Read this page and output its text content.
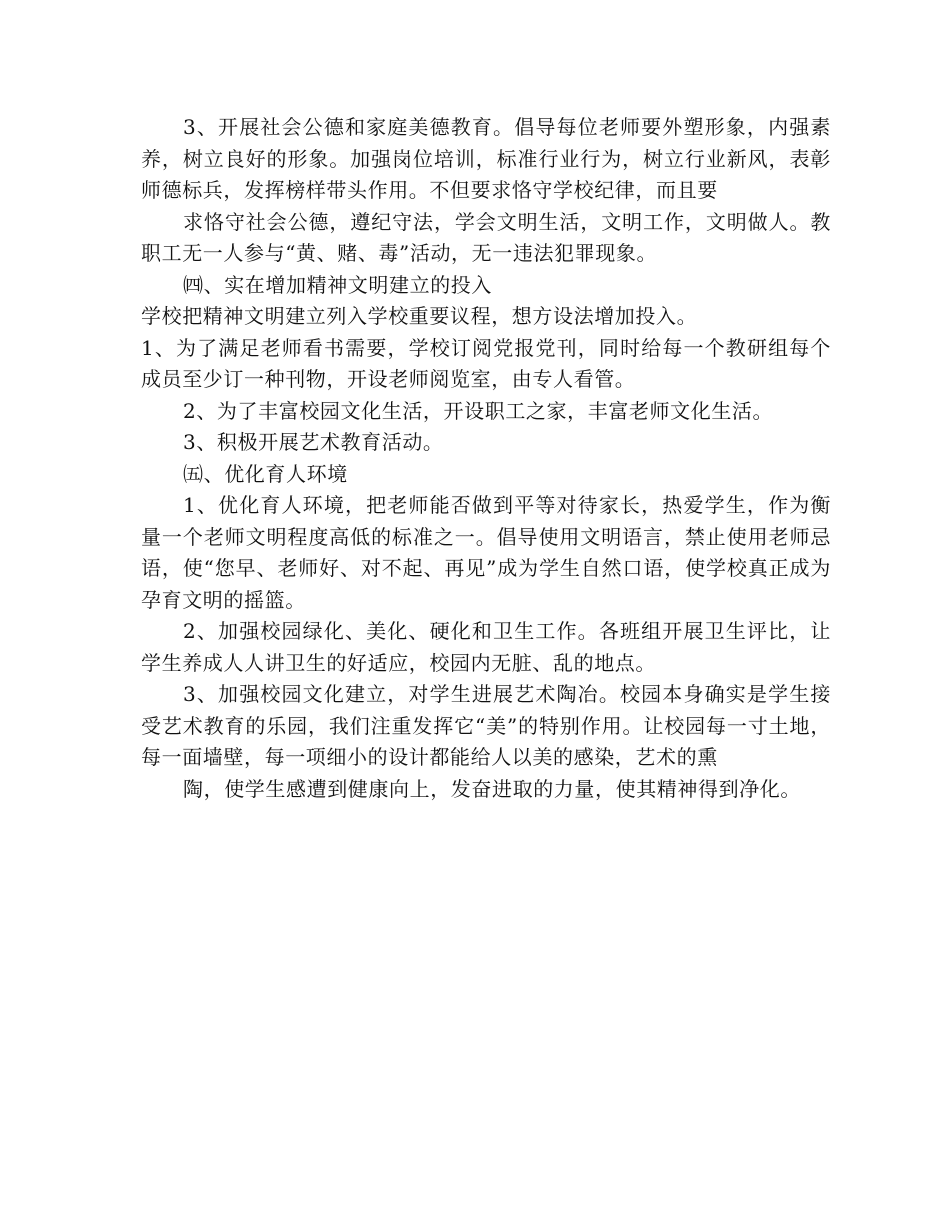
3、开展社会公德和家庭美德教育。倡导每位老师要外塑形象，内强素养，树立良好的形象。加强岗位培训，标准行业行为，树立行业新风，表彰师德标兵，发挥榜样带头作用。不但要求恪守学校纪律，而且要

求恪守社会公德，遵纪守法，学会文明生活，文明工作，文明做人。教职工无一人参与“黄、赌、毒”活动，无一违法犯罪现象。

㈣、实在增加精神文明建立的投入

学校把精神文明建立列入学校重要议程，想方设法增加投入。

1、为了满足老师看书需要，学校订阅党报党刊，同时给每一个教研组每个成员至少订一种刊物，开设老师阅览室，由专人看管。

2、为了丰富校园文化生活，开设职工之家，丰富老师文化生活。

3、积极开展艺术教育活动。

㈤、优化育人环境

1、优化育人环境，把老师能否做到平等对待家长，热爱学生，作为衡量一个老师文明程度高低的标准之一。倡导使用文明语言，禁止使用老师忌语，使“您早、老师好、对不起、再见”成为学生自然口语，使学校真正成为孕育文明的摇篮。

2、加强校园绿化、美化、硬化和卫生工作。各班组开展卫生评比，让学生养成人人讲卫生的好适应，校园内无脏、乱的地点。

3、加强校园文化建立，对学生进展艺术陶冶。校园本身确实是学生接受艺术教育的乐园，我们注重发挥它“美”的特别作用。让校园每一寸土地，每一面墙壁，每一项细小的设计都能给人以美的感染，艺术的熏

陶，使学生感遭到健康向上，发奋进取的力量，使其精神得到净化。
